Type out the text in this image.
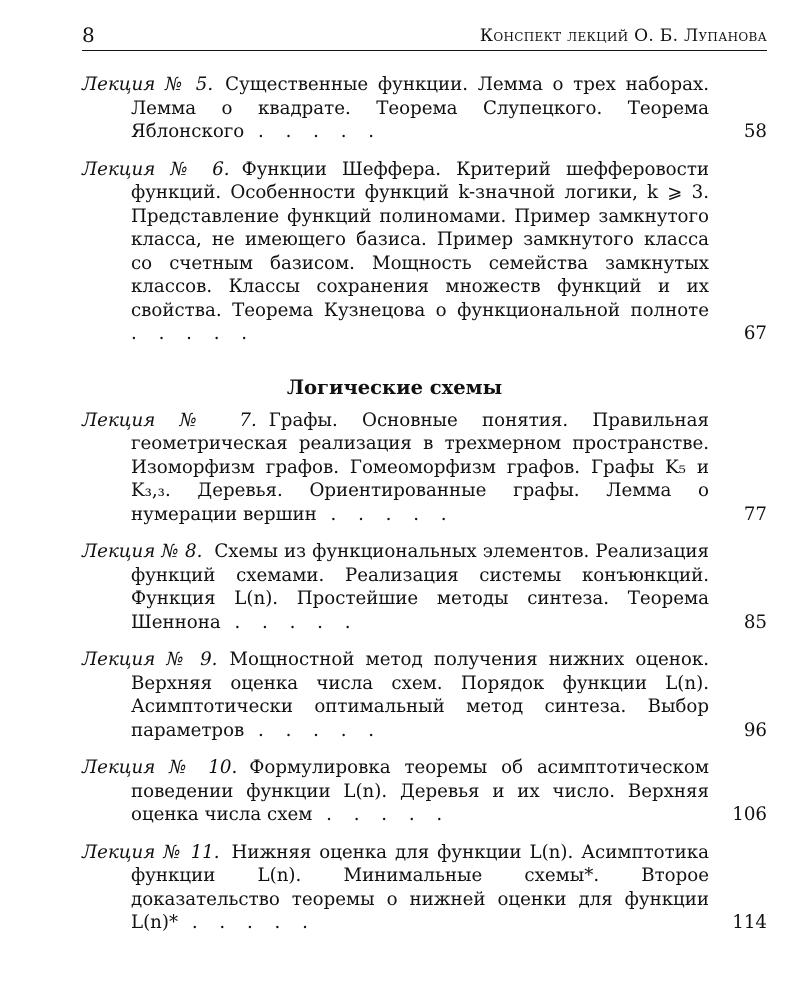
8	Конспект лекций О. Б. Лупанова
Лекция № 5. Существенные функции. Лемма о трех наборах. Лемма о квадрате. Теорема Слупецкого. Теорема Яблонского . . . . .	58
Лекция № 6. Функции Шеффера. Критерий шефферовости функций. Особенности функций k-значной логики, k ⩾ 3. Представление функций полиномами. Пример замкнутого класса, не имеющего базиса. Пример замкнутого класса со счетным базисом. Мощность семейства замкнутых классов. Классы сохранения множеств функций и их свойства. Теорема Кузнецова о функциональной полноте . . . . .	67
Логические схемы
Лекция № 7. Графы. Основные понятия. Правильная геометрическая реализация в трехмерном пространстве. Изоморфизм графов. Гомеоморфизм графов. Графы K₅ и K₃,₃. Деревья. Ориентированные графы. Лемма о нумерации вершин . . . . .	77
Лекция № 8. Схемы из функциональных элементов. Реализация функций схемами. Реализация системы конъюнкций. Функция L(n). Простейшие методы синтеза. Теорема Шеннона . . . . .	85
Лекция № 9. Мощностной метод получения нижних оценок. Верхняя оценка числа схем. Порядок функции L(n). Асимптотически оптимальный метод синтеза. Выбор параметров . . . . .	96
Лекция № 10. Формулировка теоремы об асимптотическом поведении функции L(n). Деревья и их число. Верхняя оценка числа схем . . . . .	106
Лекция № 11. Нижняя оценка для функции L(n). Асимптотика функции L(n). Минимальные схемы*. Второе доказательство теоремы о нижней оценки для функции L(n)* . . . . .	114
